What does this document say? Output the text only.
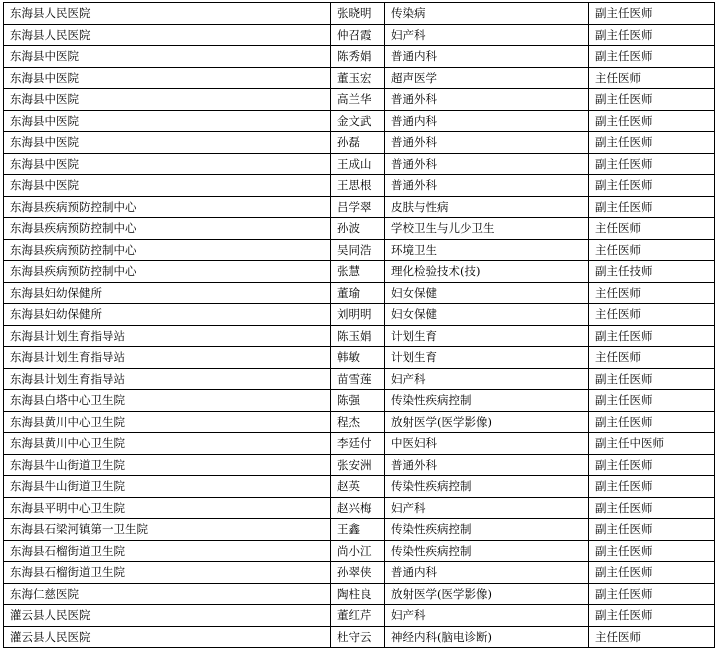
东海县人民医院	张晓明	传染病	副主任医师
东海县人民医院	仲召霞	妇产科	副主任医师
东海县中医院	陈秀娟	普通内科	副主任医师
东海县中医院	董玉宏	超声医学	主任医师
东海县中医院	高兰华	普通外科	副主任医师
东海县中医院	金文武	普通内科	副主任医师
东海县中医院	孙磊	普通外科	副主任医师
东海县中医院	王成山	普通外科	副主任医师
东海县中医院	王思根	普通外科	副主任医师
东海县疾病预防控制中心	吕学翠	皮肤与性病	副主任医师
东海县疾病预防控制中心	孙波	学校卫生与儿少卫生	主任医师
东海县疾病预防控制中心	吴同浩	环境卫生	主任医师
东海县疾病预防控制中心	张慧	理化检验技术(技)	副主任技师
东海县妇幼保健所	董瑜	妇女保健	主任医师
东海县妇幼保健所	刘明明	妇女保健	主任医师
东海县计划生育指导站	陈玉娟	计划生育	副主任医师
东海县计划生育指导站	韩敏	计划生育	主任医师
东海县计划生育指导站	苗雪莲	妇产科	副主任医师
东海县白塔中心卫生院	陈强	传染性疾病控制	副主任医师
东海县黄川中心卫生院	程杰	放射医学(医学影像)	副主任医师
东海县黄川中心卫生院	李廷付	中医妇科	副主任中医师
东海县牛山街道卫生院	张安洲	普通外科	副主任医师
东海县牛山街道卫生院	赵英	传染性疾病控制	副主任医师
东海县平明中心卫生院	赵兴梅	妇产科	副主任医师
东海县石梁河镇第一卫生院	王鑫	传染性疾病控制	副主任医师
东海县石榴街道卫生院	尚小江	传染性疾病控制	副主任医师
东海县石榴街道卫生院	孙翠侠	普通内科	副主任医师
东海仁慈医院	陶柱良	放射医学(医学影像)	副主任医师
灌云县人民医院	董红芹	妇产科	副主任医师
灌云县人民医院	杜守云	神经内科(脑电诊断)	主任医师
